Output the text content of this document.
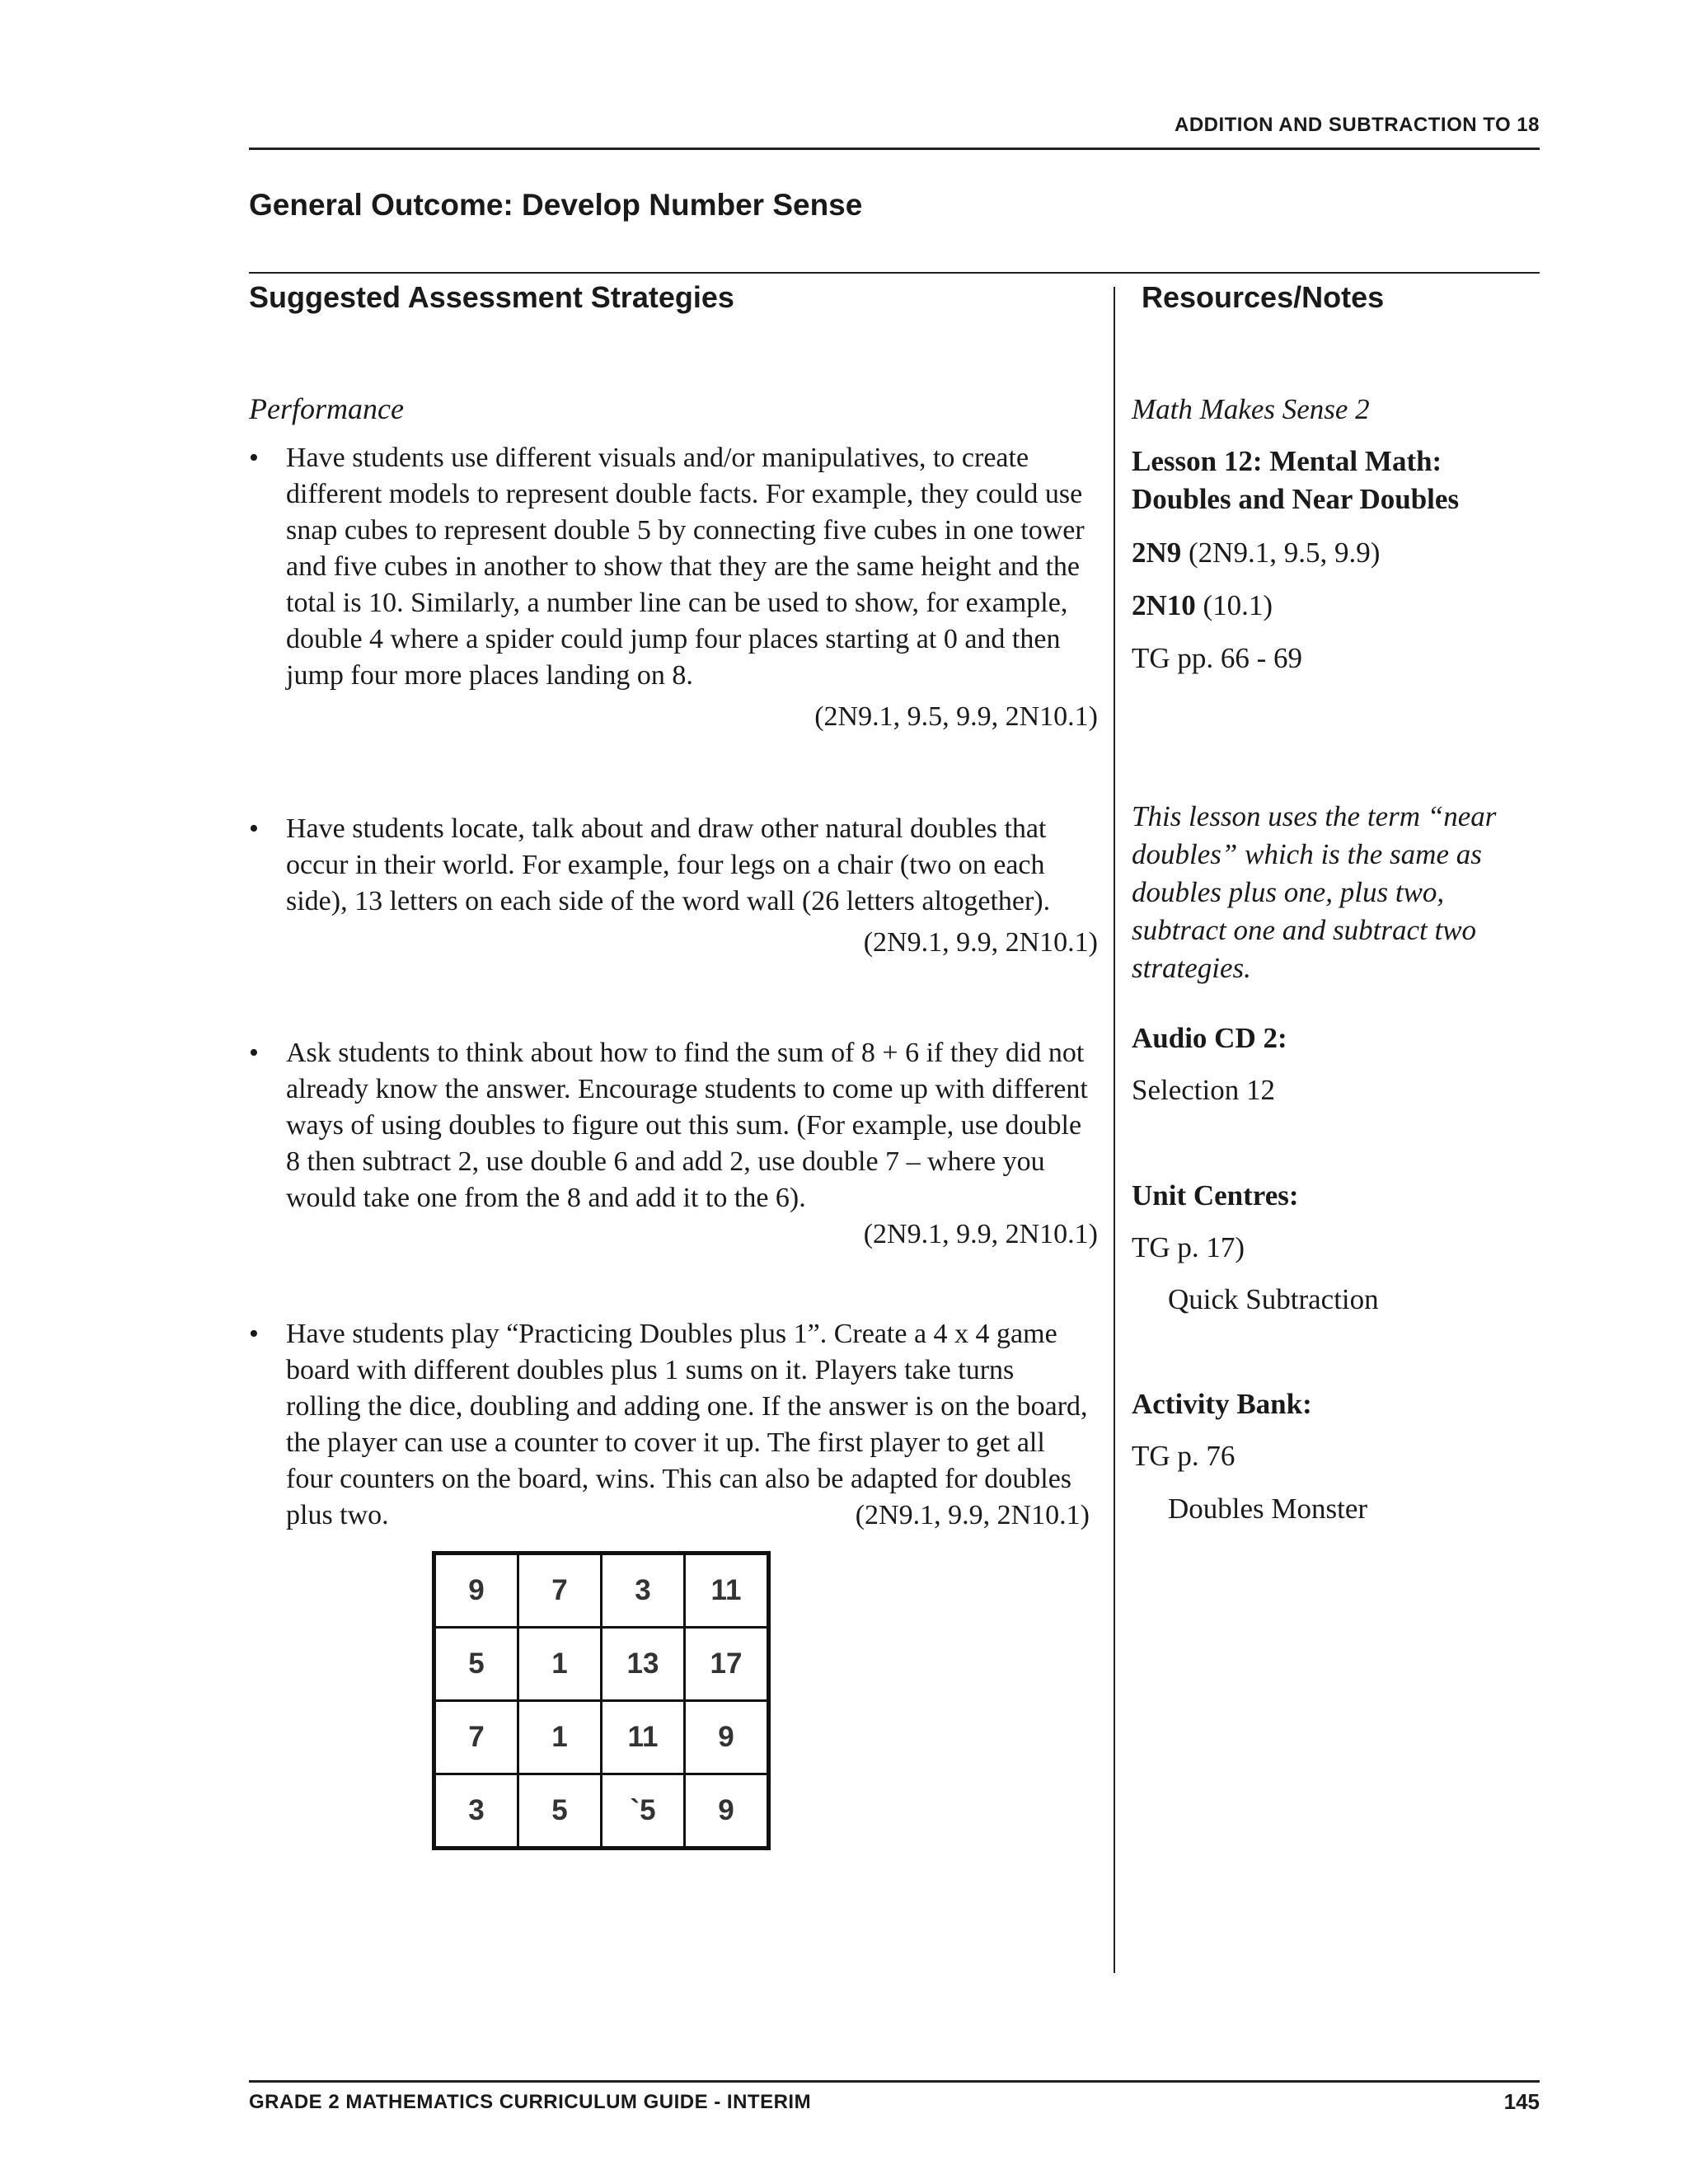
ADDITION AND SUBTRACTION TO 18
General Outcome: Develop Number Sense
Suggested Assessment Strategies	Resources/Notes
Performance
• Have students use different visuals and/or manipulatives, to create different models to represent double facts. For example, they could use snap cubes to represent double 5 by connecting five cubes in one tower and five cubes in another to show that they are the same height and the total is 10. Similarly, a number line can be used to show, for example, double 4 where a spider could jump four places starting at 0 and then jump four more places landing on 8.
(2N9.1, 9.5, 9.9, 2N10.1)
• Have students locate, talk about and draw other natural doubles that occur in their world. For example, four legs on a chair (two on each side), 13 letters on each side of the word wall (26 letters altogether).
(2N9.1, 9.9, 2N10.1)
• Ask students to think about how to find the sum of 8 + 6 if they did not already know the answer. Encourage students to come up with different ways of using doubles to figure out this sum. (For example, use double 8 then subtract 2, use double 6 and add 2, use double 7 – where you would take one from the 8 and add it to the 6).
(2N9.1, 9.9, 2N10.1)
• Have students play “Practicing Doubles plus 1”. Create a 4 x 4 game board with different doubles plus 1 sums on it. Players take turns rolling the dice, doubling and adding one. If the answer is on the board, the player can use a counter to cover it up. The first player to get all four counters on the board, wins. This can also be adapted for doubles plus two.	(2N9.1, 9.9, 2N10.1)
9	7	3	11
5	1	13	17
7	1	11	9
3	5	`5	9
Math Makes Sense 2
Lesson 12: Mental Math: Doubles and Near Doubles
2N9 (2N9.1, 9.5, 9.9)
2N10 (10.1)
TG pp. 66 - 69
This lesson uses the term “near doubles” which is the same as doubles plus one, plus two, subtract one and subtract two strategies.
Audio CD 2:
Selection 12
Unit Centres:
TG p. 17)
Quick Subtraction
Activity Bank:
TG p. 76
Doubles Monster
GRADE 2 MATHEMATICS CURRICULUM GUIDE - INTERIM	145
